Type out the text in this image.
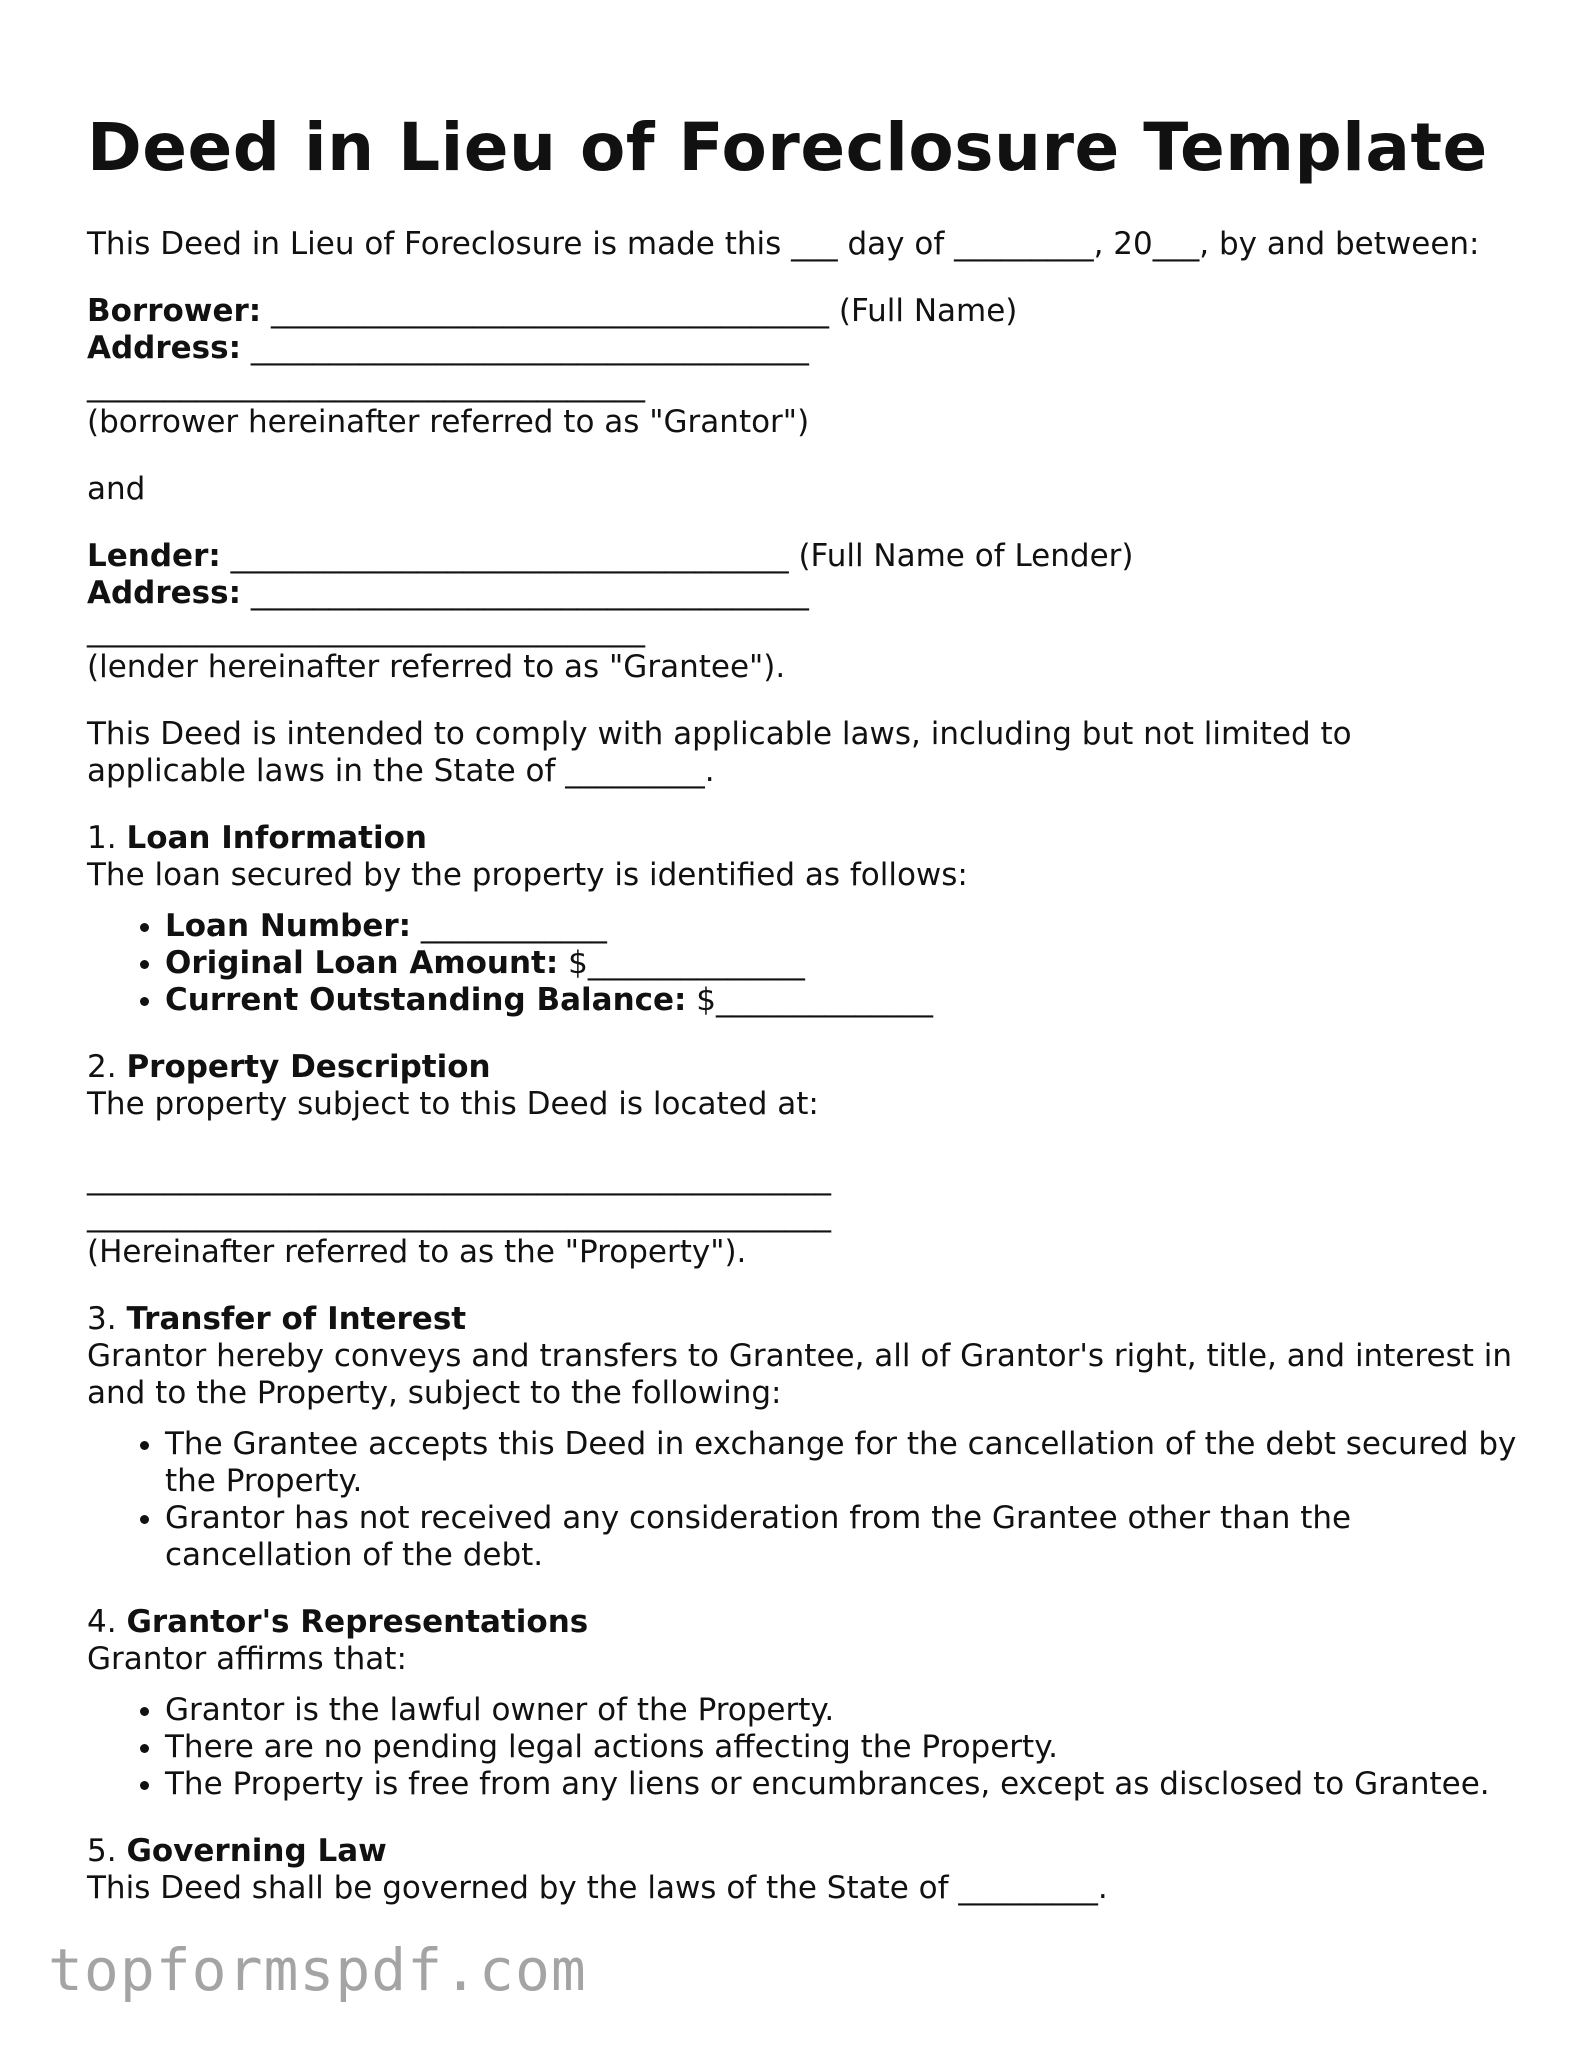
Deed in Lieu of Foreclosure Template

This Deed in Lieu of Foreclosure is made this ___ day of _________, 20___, by and between:

Borrower: ____________________________________ (Full Name)
Address: ____________________________________
____________________________________
(borrower hereinafter referred to as "Grantor")

and

Lender: ____________________________________ (Full Name of Lender)
Address: ____________________________________
____________________________________
(lender hereinafter referred to as "Grantee").

This Deed is intended to comply with applicable laws, including but not limited to applicable laws in the State of _________.

1. Loan Information
The loan secured by the property is identified as follows:

• Loan Number: ____________
• Original Loan Amount: $______________
• Current Outstanding Balance: $______________

2. Property Description
The property subject to this Deed is located at:
________________________________________________
________________________________________________
(Hereinafter referred to as the "Property").

3. Transfer of Interest
Grantor hereby conveys and transfers to Grantee, all of Grantor's right, title, and interest in and to the Property, subject to the following:

• The Grantee accepts this Deed in exchange for the cancellation of the debt secured by the Property.
• Grantor has not received any consideration from the Grantee other than the cancellation of the debt.

4. Grantor's Representations
Grantor affirms that:

• Grantor is the lawful owner of the Property.
• There are no pending legal actions affecting the Property.
• The Property is free from any liens or encumbrances, except as disclosed to Grantee.

5. Governing Law
This Deed shall be governed by the laws of the State of _________.

topformspdf.com
